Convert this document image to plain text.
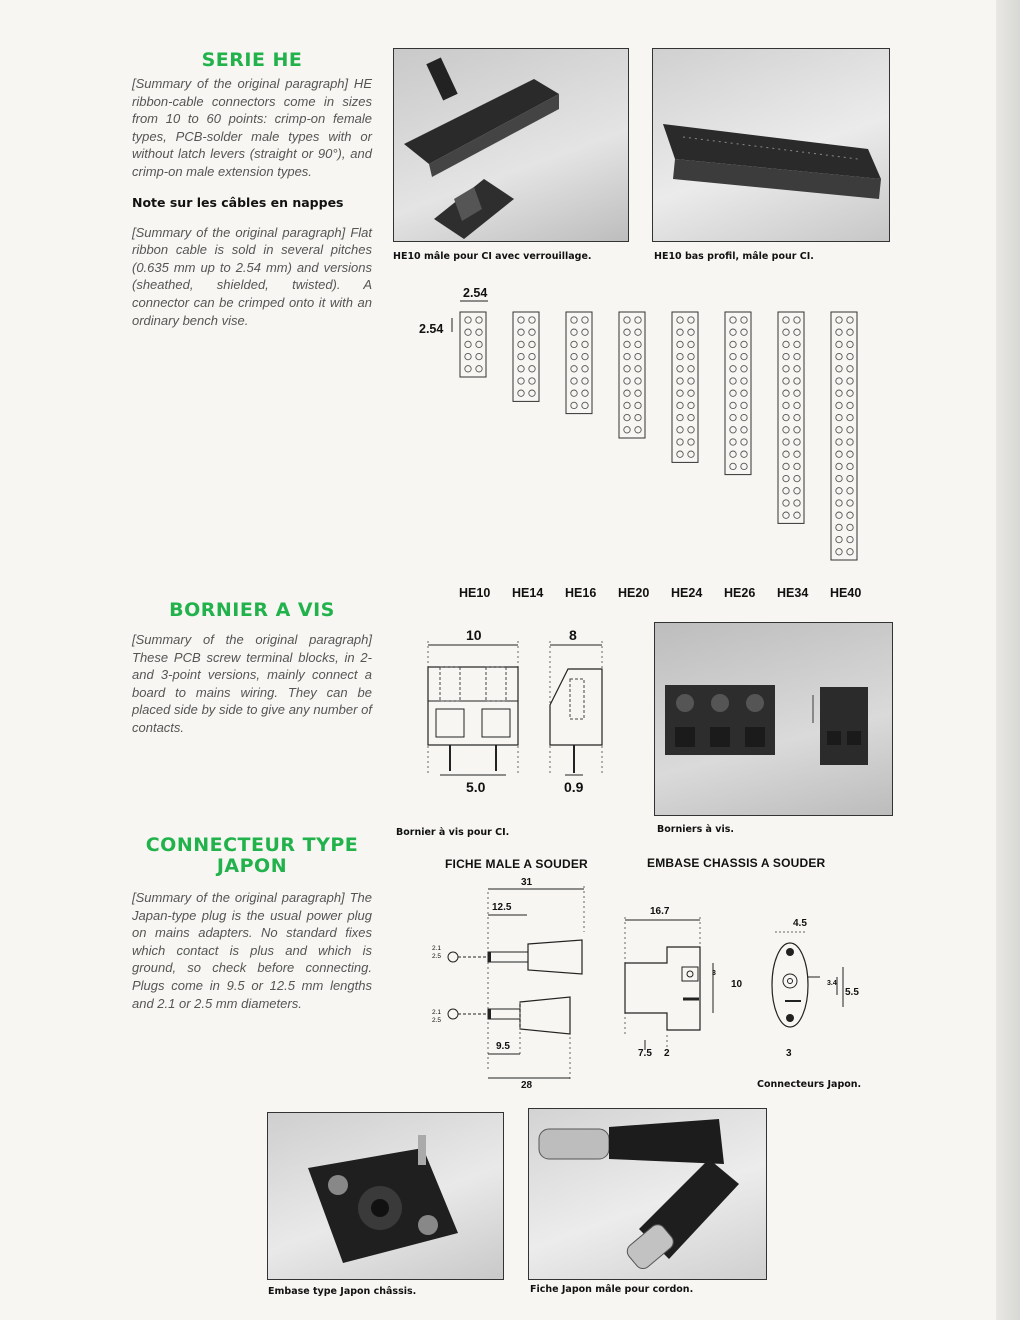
SERIE HE

[Summary of the original paragraph] HE ribbon-cable connectors come in sizes from 10 to 60 points: crimp-on female types, PCB-solder male types with or without latch levers (straight or 90°), and crimp-on male extension types.

Note sur les câbles en nappes

[Summary of the original paragraph] Flat ribbon cable is sold in several pitches (0.635 mm up to 2.54 mm) and versions (sheathed, shielded, twisted). A connector can be crimped onto it with an ordinary bench vise.

BORNIER A VIS

[Summary of the original paragraph] These PCB screw terminal blocks, in 2- and 3-point versions, mainly connect a board to mains wiring. They can be placed side by side to give any number of contacts.

CONNECTEUR TYPE
JAPON

[Summary of the original paragraph] The Japan-type plug is the usual power plug on mains adapters. No standard fixes which contact is plus and which is ground, so check before connecting. Plugs come in 9.5 or 12.5 mm lengths and 2.1 or 2.5 mm diameters.

HE10 mâle pour CI avec verrouillage.	HE10 bas profil, mâle pour CI.
2.54
2.54
HE10 HE14 HE16 HE20 HE24 HE26 HE34 HE40
10	8
5.0	0.9
Bornier à vis pour CI.	Borniers à vis.
FICHE MALE A SOUDER	EMBASE CHASSIS A SOUDER
31
12.5
2.1
2.5
2.1
2.5
9.5
28
16.7
4.5
3
10	3.4
5.5
7.5 2	3
Connecteurs Japon.
Embase type Japon châssis.	Fiche Japon mâle pour cordon.
